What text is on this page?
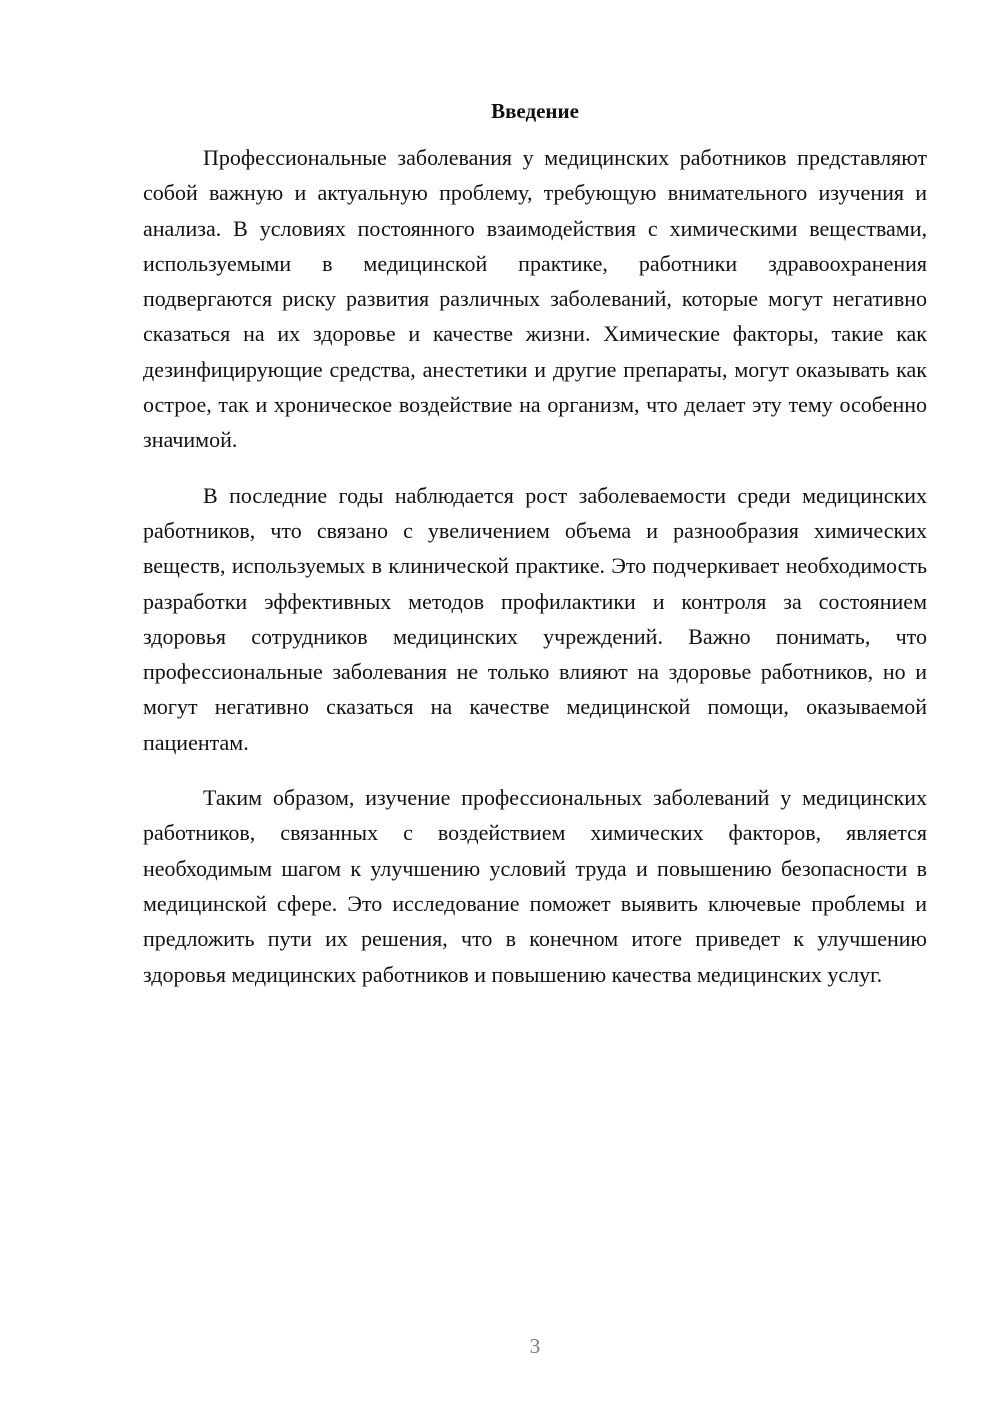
Введение

Профессиональные заболевания у медицинских работников представляют собой важную и актуальную проблему, требующую внимательного изучения и анализа. В условиях постоянного взаимодействия с химическими веществами, используемыми в медицинской практике, работники здравоохранения подвергаются риску развития различных заболеваний, которые могут негативно сказаться на их здоровье и качестве жизни. Химические факторы, такие как дезинфицирующие средства, анестетики и другие препараты, могут оказывать как острое, так и хроническое воздействие на организм, что делает эту тему особенно значимой.

В последние годы наблюдается рост заболеваемости среди медицинских работников, что связано с увеличением объема и разнообразия химических веществ, используемых в клинической практике. Это подчеркивает необходимость разработки эффективных методов профилактики и контроля за состоянием здоровья сотрудников медицинских учреждений. Важно понимать, что профессиональные заболевания не только влияют на здоровье работников, но и могут негативно сказаться на качестве медицинской помощи, оказываемой пациентам.

Таким образом, изучение профессиональных заболеваний у медицинских работников, связанных с воздействием химических факторов, является необходимым шагом к улучшению условий труда и повышению безопасности в медицинской сфере. Это исследование поможет выявить ключевые проблемы и предложить пути их решения, что в конечном итоге приведет к улучшению здоровья медицинских работников и повышению качества медицинских услуг.

3
